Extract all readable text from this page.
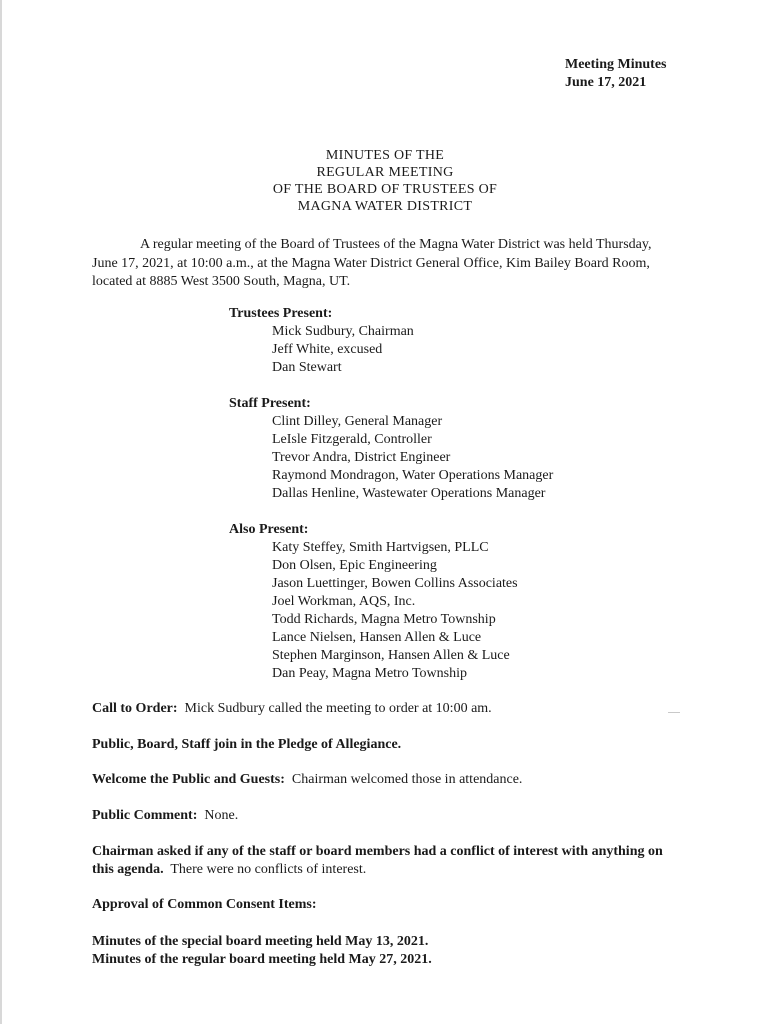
Meeting Minutes
June 17, 2021
MINUTES OF THE
REGULAR MEETING
OF THE BOARD OF TRUSTEES OF
MAGNA WATER DISTRICT
A regular meeting of the Board of Trustees of the Magna Water District was held Thursday, June 17, 2021, at 10:00 a.m., at the Magna Water District General Office, Kim Bailey Board Room, located at 8885 West 3500 South, Magna, UT.
Trustees Present:
Mick Sudbury, Chairman
Jeff White, excused
Dan Stewart
Staff Present:
Clint Dilley, General Manager
LeIsle Fitzgerald, Controller
Trevor Andra, District Engineer
Raymond Mondragon, Water Operations Manager
Dallas Henline, Wastewater Operations Manager
Also Present:
Katy Steffey, Smith Hartvigsen, PLLC
Don Olsen, Epic Engineering
Jason Luettinger, Bowen Collins Associates
Joel Workman, AQS, Inc.
Todd Richards, Magna Metro Township
Lance Nielsen, Hansen Allen & Luce
Stephen Marginson, Hansen Allen & Luce
Dan Peay, Magna Metro Township
Call to Order: Mick Sudbury called the meeting to order at 10:00 am.
Public, Board, Staff join in the Pledge of Allegiance.
Welcome the Public and Guests: Chairman welcomed those in attendance.
Public Comment: None.
Chairman asked if any of the staff or board members had a conflict of interest with anything on this agenda. There were no conflicts of interest.
Approval of Common Consent Items:
Minutes of the special board meeting held May 13, 2021.
Minutes of the regular board meeting held May 27, 2021.
